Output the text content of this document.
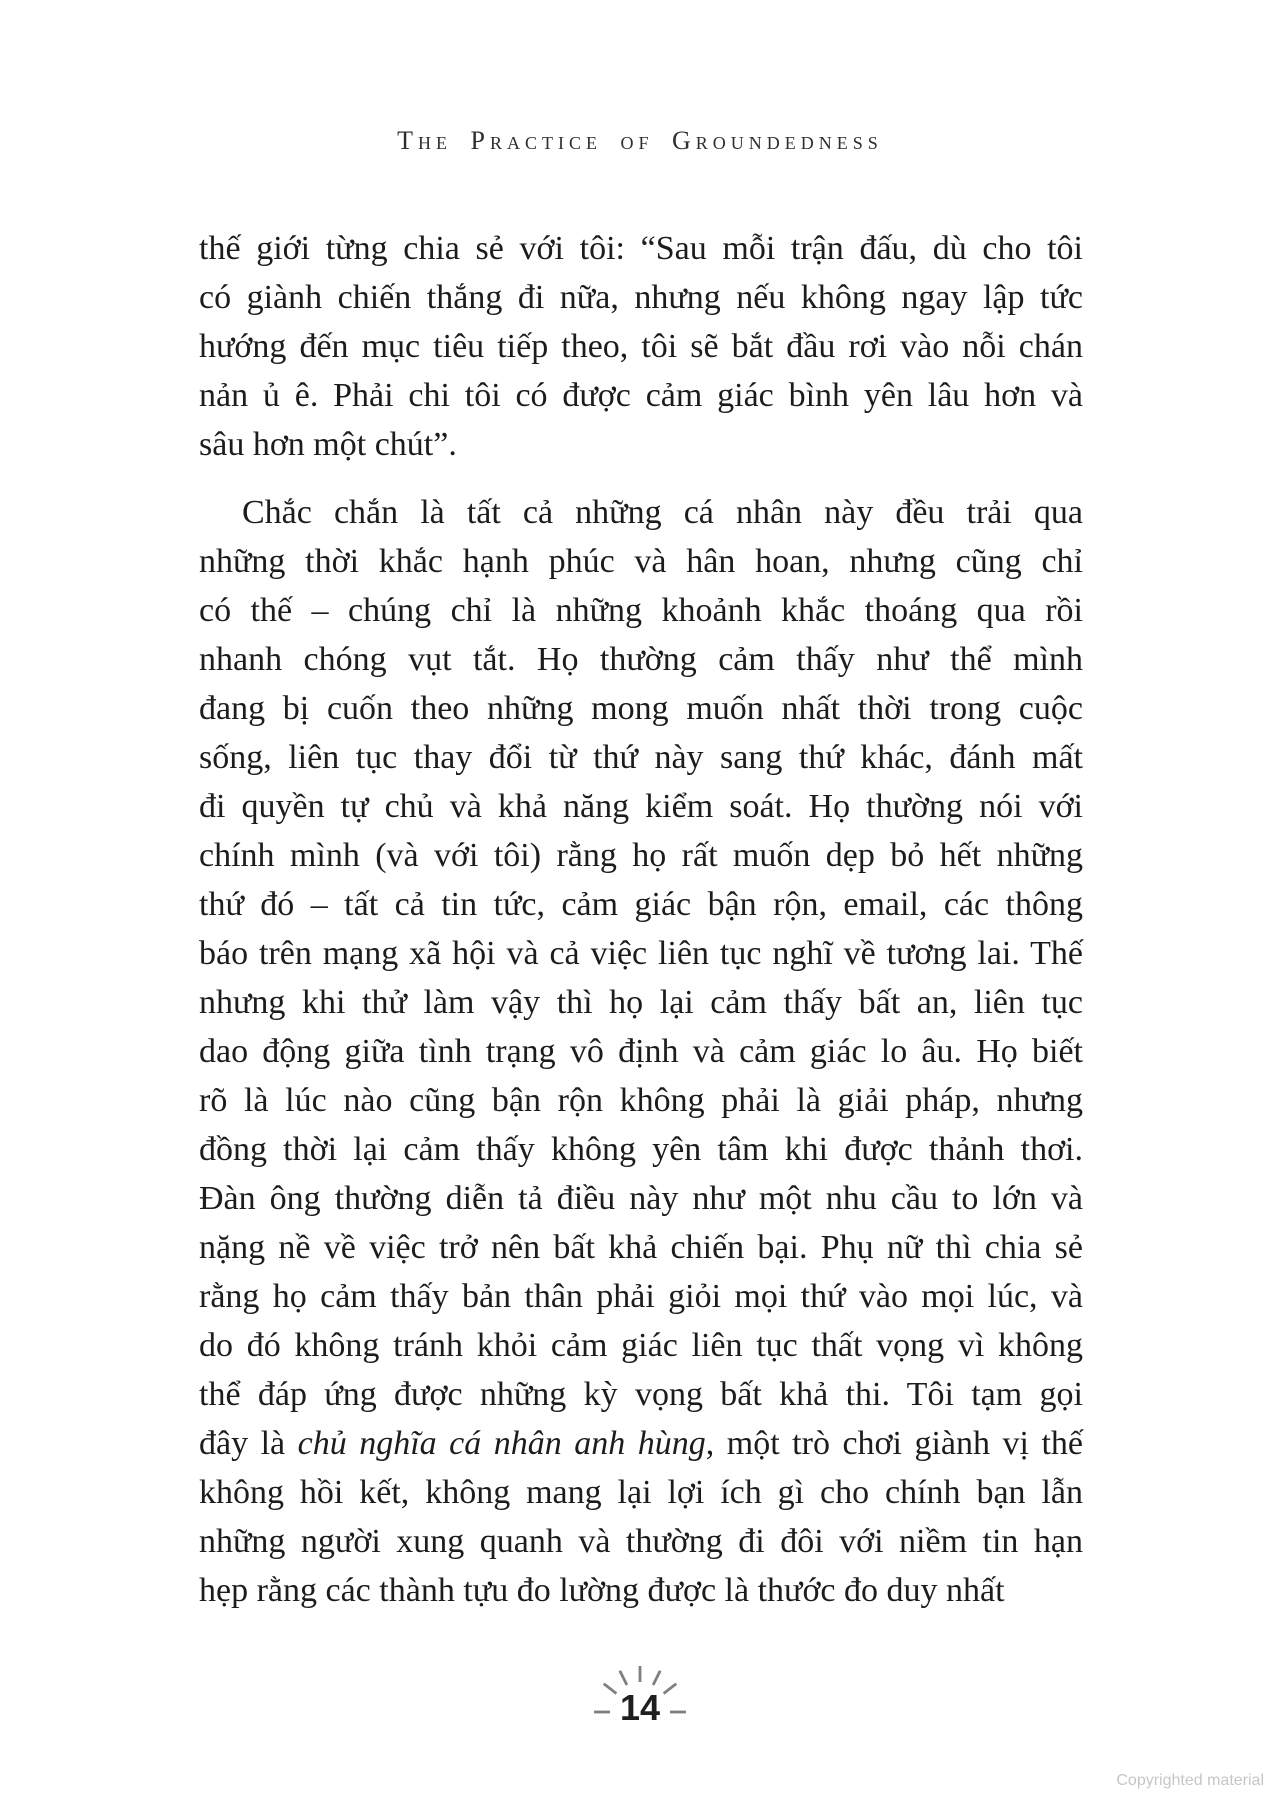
The Practice of Groundedness

thế giới từng chia sẻ với tôi: “Sau mỗi trận đấu, dù cho tôi
có giành chiến thắng đi nữa, nhưng nếu không ngay lập tức
hướng đến mục tiêu tiếp theo, tôi sẽ bắt đầu rơi vào nỗi chán
nản ủ ê. Phải chi tôi có được cảm giác bình yên lâu hơn và
sâu hơn một chút”.

Chắc chắn là tất cả những cá nhân này đều trải qua
những thời khắc hạnh phúc và hân hoan, nhưng cũng chỉ
có thế – chúng chỉ là những khoảnh khắc thoáng qua rồi
nhanh chóng vụt tắt. Họ thường cảm thấy như thể mình
đang bị cuốn theo những mong muốn nhất thời trong cuộc
sống, liên tục thay đổi từ thứ này sang thứ khác, đánh mất
đi quyền tự chủ và khả năng kiểm soát. Họ thường nói với
chính mình (và với tôi) rằng họ rất muốn dẹp bỏ hết những
thứ đó – tất cả tin tức, cảm giác bận rộn, email, các thông
báo trên mạng xã hội và cả việc liên tục nghĩ về tương lai. Thế
nhưng khi thử làm vậy thì họ lại cảm thấy bất an, liên tục
dao động giữa tình trạng vô định và cảm giác lo âu. Họ biết
rõ là lúc nào cũng bận rộn không phải là giải pháp, nhưng
đồng thời lại cảm thấy không yên tâm khi được thảnh thơi.
Đàn ông thường diễn tả điều này như một nhu cầu to lớn và
nặng nề về việc trở nên bất khả chiến bại. Phụ nữ thì chia sẻ
rằng họ cảm thấy bản thân phải giỏi mọi thứ vào mọi lúc, và
do đó không tránh khỏi cảm giác liên tục thất vọng vì không
thể đáp ứng được những kỳ vọng bất khả thi. Tôi tạm gọi
đây là chủ nghĩa cá nhân anh hùng, một trò chơi giành vị thế
không hồi kết, không mang lại lợi ích gì cho chính bạn lẫn
những người xung quanh và thường đi đôi với niềm tin hạn
hẹp rằng các thành tựu đo lường được là thước đo duy nhất

14
Copyrighted material
